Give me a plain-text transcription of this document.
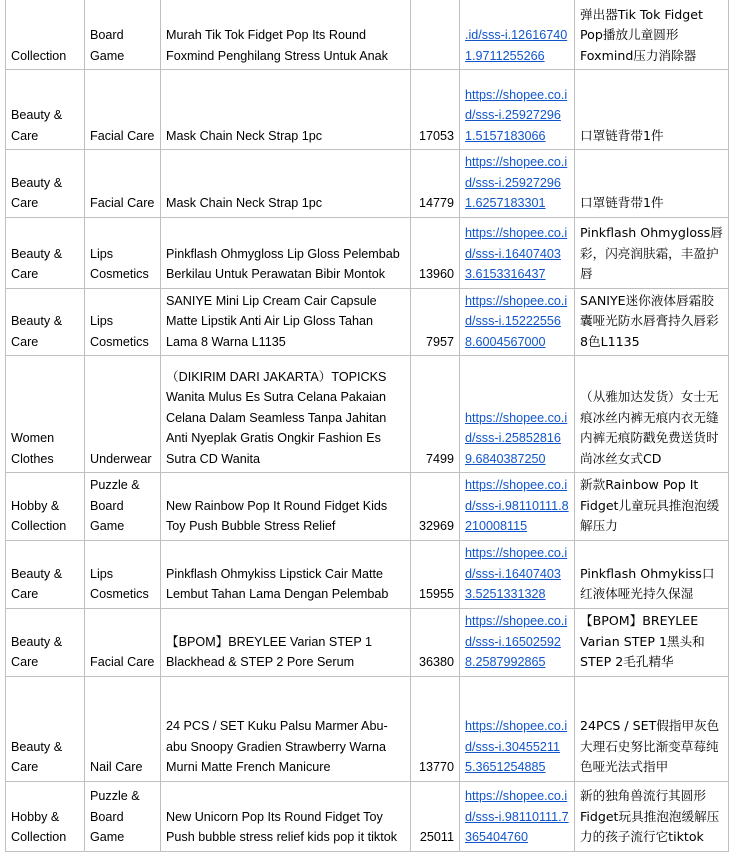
Collection	Board Game	Murah Tik Tok Fidget Pop Its Round Foxmind Penghilang Stress Untuk Anak		.id/sss-i.126167401.9711255266	弹出器Tik Tok Fidget Pop播放儿童圆形Foxmind压力消除器
Beauty & Care	Facial Care	Mask Chain Neck Strap 1pc	17053	https://shopee.co.id/sss-i.259272961.5157183066	口罩链背带1件
Beauty & Care	Facial Care	Mask Chain Neck Strap 1pc	14779	https://shopee.co.id/sss-i.259272961.6257183301	口罩链背带1件
Beauty & Care	Lips Cosmetics	Pinkflash Ohmygloss Lip Gloss Pelembab Berkilau Untuk Perawatan Bibir Montok	13960	https://shopee.co.id/sss-i.164074033.6153316437	Pinkflash Ohmygloss唇彩，闪亮润肤霜，丰盈护唇
Beauty & Care	Lips Cosmetics	SANIYE Mini Lip Cream Cair Capsule Matte Lipstik Anti Air Lip Gloss Tahan Lama 8 Warna L1135	7957	https://shopee.co.id/sss-i.152225568.6004567000	SANIYE迷你液体唇霜胶囊哑光防水唇膏持久唇彩8色L1135
Women Clothes	Underwear	（DIKIRIM DARI JAKARTA）TOPICKS Wanita Mulus Es Sutra Celana Pakaian Celana Dalam Seamless Tanpa Jahitan Anti Nyeplak Gratis Ongkir Fashion Es Sutra CD Wanita	7499	https://shopee.co.id/sss-i.258528169.6840387250	（从雅加达发货）女士无痕冰丝内裤无痕内衣无缝内裤无痕防戳免费送货时尚冰丝女式CD
Hobby & Collection	Puzzle & Board Game	New Rainbow Pop It Round Fidget Kids Toy Push Bubble Stress Relief	32969	https://shopee.co.id/sss-i.98110111.8210008115	新款Rainbow Pop It Fidget儿童玩具推泡泡缓解压力
Beauty & Care	Lips Cosmetics	Pinkflash Ohmykiss Lipstick Cair Matte Lembut Tahan Lama Dengan Pelembab	15955	https://shopee.co.id/sss-i.164074033.5251331328	Pinkflash Ohmykiss口红液体哑光持久保湿
Beauty & Care	Facial Care	【BPOM】BREYLEE Varian STEP 1 Blackhead & STEP 2 Pore Serum	36380	https://shopee.co.id/sss-i.165025928.2587992865	【BPOM】BREYLEE Varian STEP 1黑头和STEP 2毛孔精华
Beauty & Care	Nail Care	24 PCS / SET Kuku Palsu Marmer Abu-abu Snoopy Gradien Strawberry Warna Murni Matte French Manicure	13770	https://shopee.co.id/sss-i.304552115.3651254885	24PCS / SET假指甲灰色大理石史努比渐变草莓纯色哑光法式指甲
Hobby & Collection	Puzzle & Board Game	New Unicorn Pop Its Round Fidget Toy Push bubble stress relief kids pop it tiktok	25011	https://shopee.co.id/sss-i.98110111.7365404760	新的独角兽流行其圆形Fidget玩具推泡泡缓解压力的孩子流行它tiktok
